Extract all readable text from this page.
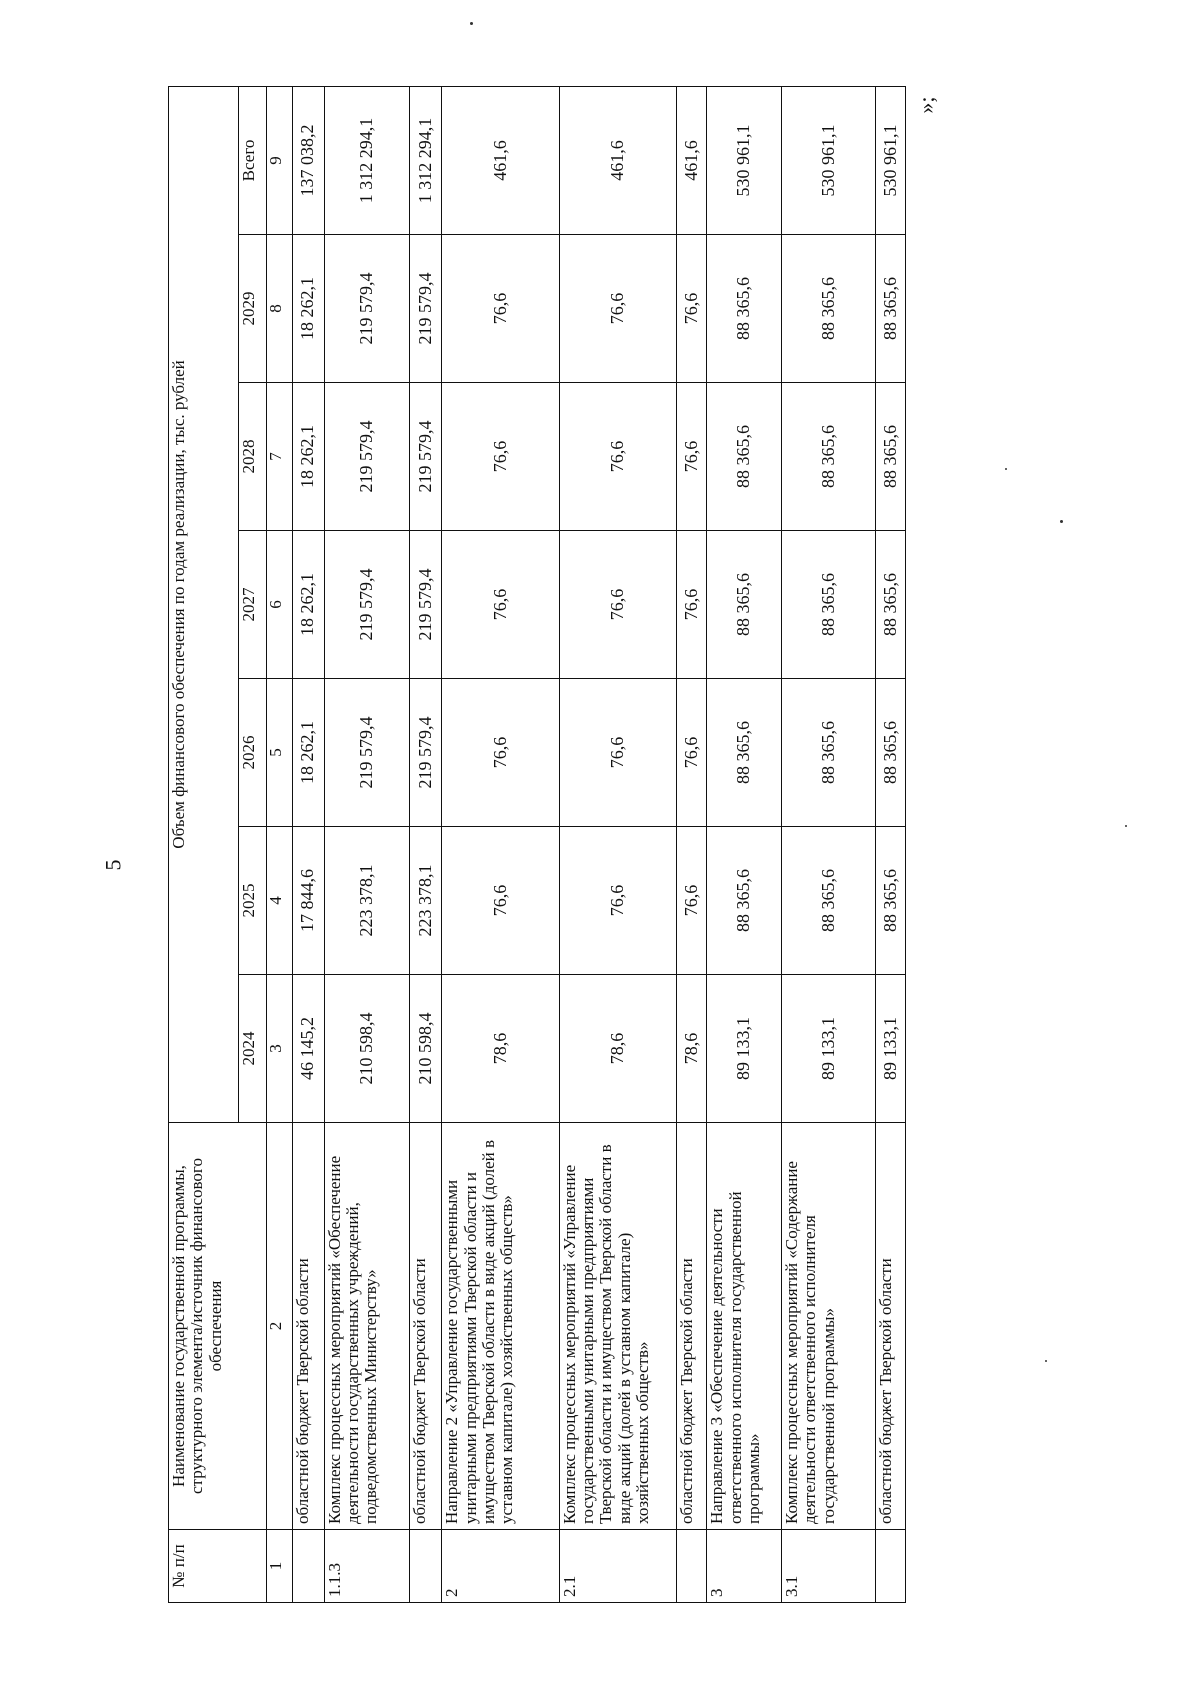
5
№ п/п	Наименование государственной программы, структурного элемента/источник финансового обеспечения	Объем финансового обеспечения по годам реализации, тыс. рублей						
		2024	2025	2026	2027	2028	2029	Всего
1	2	3	4	5	6	7	8	9
	областной бюджет Тверской области	46 145,2	17 844,6	18 262,1	18 262,1	18 262,1	18 262,1	137 038,2
1.1.3	Комплекс процессных мероприятий «Обеспечение деятельности государственных учреждений, подведомственных Министерству»	210 598,4	223 378,1	219 579,4	219 579,4	219 579,4	219 579,4	1 312 294,1
	областной бюджет Тверской области	210 598,4	223 378,1	219 579,4	219 579,4	219 579,4	219 579,4	1 312 294,1
2	Направление 2 «Управление государственными унитарными предприятиями Тверской области и имуществом Тверской области в виде акций (долей в уставном капитале) хозяйственных обществ»	78,6	76,6	76,6	76,6	76,6	76,6	461,6
2.1	Комплекс процессных мероприятий «Управление государственными унитарными предприятиями Тверской области и имуществом Тверской области в виде акций (долей в уставном капитале) хозяйственных обществ»	78,6	76,6	76,6	76,6	76,6	76,6	461,6
	областной бюджет Тверской области	78,6	76,6	76,6	76,6	76,6	76,6	461,6
3	Направление 3 «Обеспечение деятельности ответственного исполнителя государственной программы»	89 133,1	88 365,6	88 365,6	88 365,6	88 365,6	88 365,6	530 961,1
3.1	Комплекс процессных мероприятий «Содержание деятельности ответственного исполнителя государственной программы»	89 133,1	88 365,6	88 365,6	88 365,6	88 365,6	88 365,6	530 961,1
	областной бюджет Тверской области	89 133,1	88 365,6	88 365,6	88 365,6	88 365,6	88 365,6	530 961,1
»;
